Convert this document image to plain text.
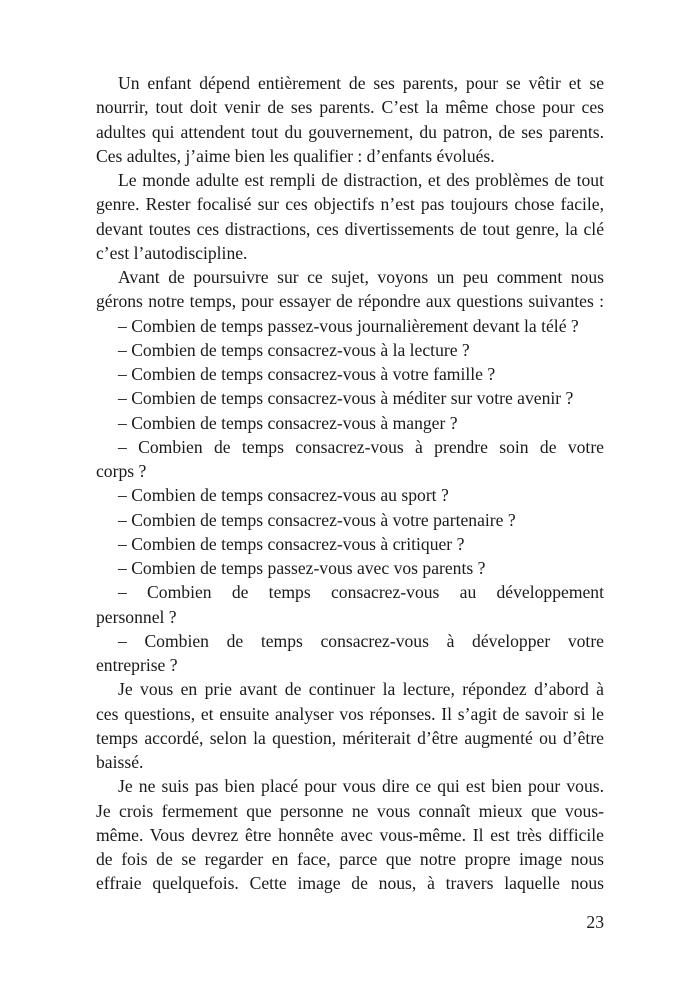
Un enfant dépend entièrement de ses parents, pour se vêtir et se
nourrir, tout doit venir de ses parents. C’est la même chose pour ces
adultes qui attendent tout du gouvernement, du patron, de ses parents.
Ces adultes, j’aime bien les qualifier : d’enfants évolués.
Le monde adulte est rempli de distraction, et des problèmes de tout
genre. Rester focalisé sur ces objectifs n’est pas toujours chose facile,
devant toutes ces distractions, ces divertissements de tout genre, la clé
c’est l’autodiscipline.
Avant de poursuivre sur ce sujet, voyons un peu comment nous
gérons notre temps, pour essayer de répondre aux questions suivantes :
– Combien de temps passez-vous journalièrement devant la télé ?
– Combien de temps consacrez-vous à la lecture ?
– Combien de temps consacrez-vous à votre famille ?
– Combien de temps consacrez-vous à méditer sur votre avenir ?
– Combien de temps consacrez-vous à manger ?
– Combien de temps consacrez-vous à prendre soin de votre
corps ?
– Combien de temps consacrez-vous au sport ?
– Combien de temps consacrez-vous à votre partenaire ?
– Combien de temps consacrez-vous à critiquer ?
– Combien de temps passez-vous avec vos parents ?
– Combien de temps consacrez-vous au développement
personnel ?
– Combien de temps consacrez-vous à développer votre
entreprise ?
Je vous en prie avant de continuer la lecture, répondez d’abord à
ces questions, et ensuite analyser vos réponses. Il s’agit de savoir si le
temps accordé, selon la question, mériterait d’être augmenté ou d’être
baissé.
Je ne suis pas bien placé pour vous dire ce qui est bien pour vous.
Je crois fermement que personne ne vous connaît mieux que vous-
même. Vous devrez être honnête avec vous-même. Il est très difficile
de fois de se regarder en face, parce que notre propre image nous
effraie quelquefois. Cette image de nous, à travers laquelle nous
23
